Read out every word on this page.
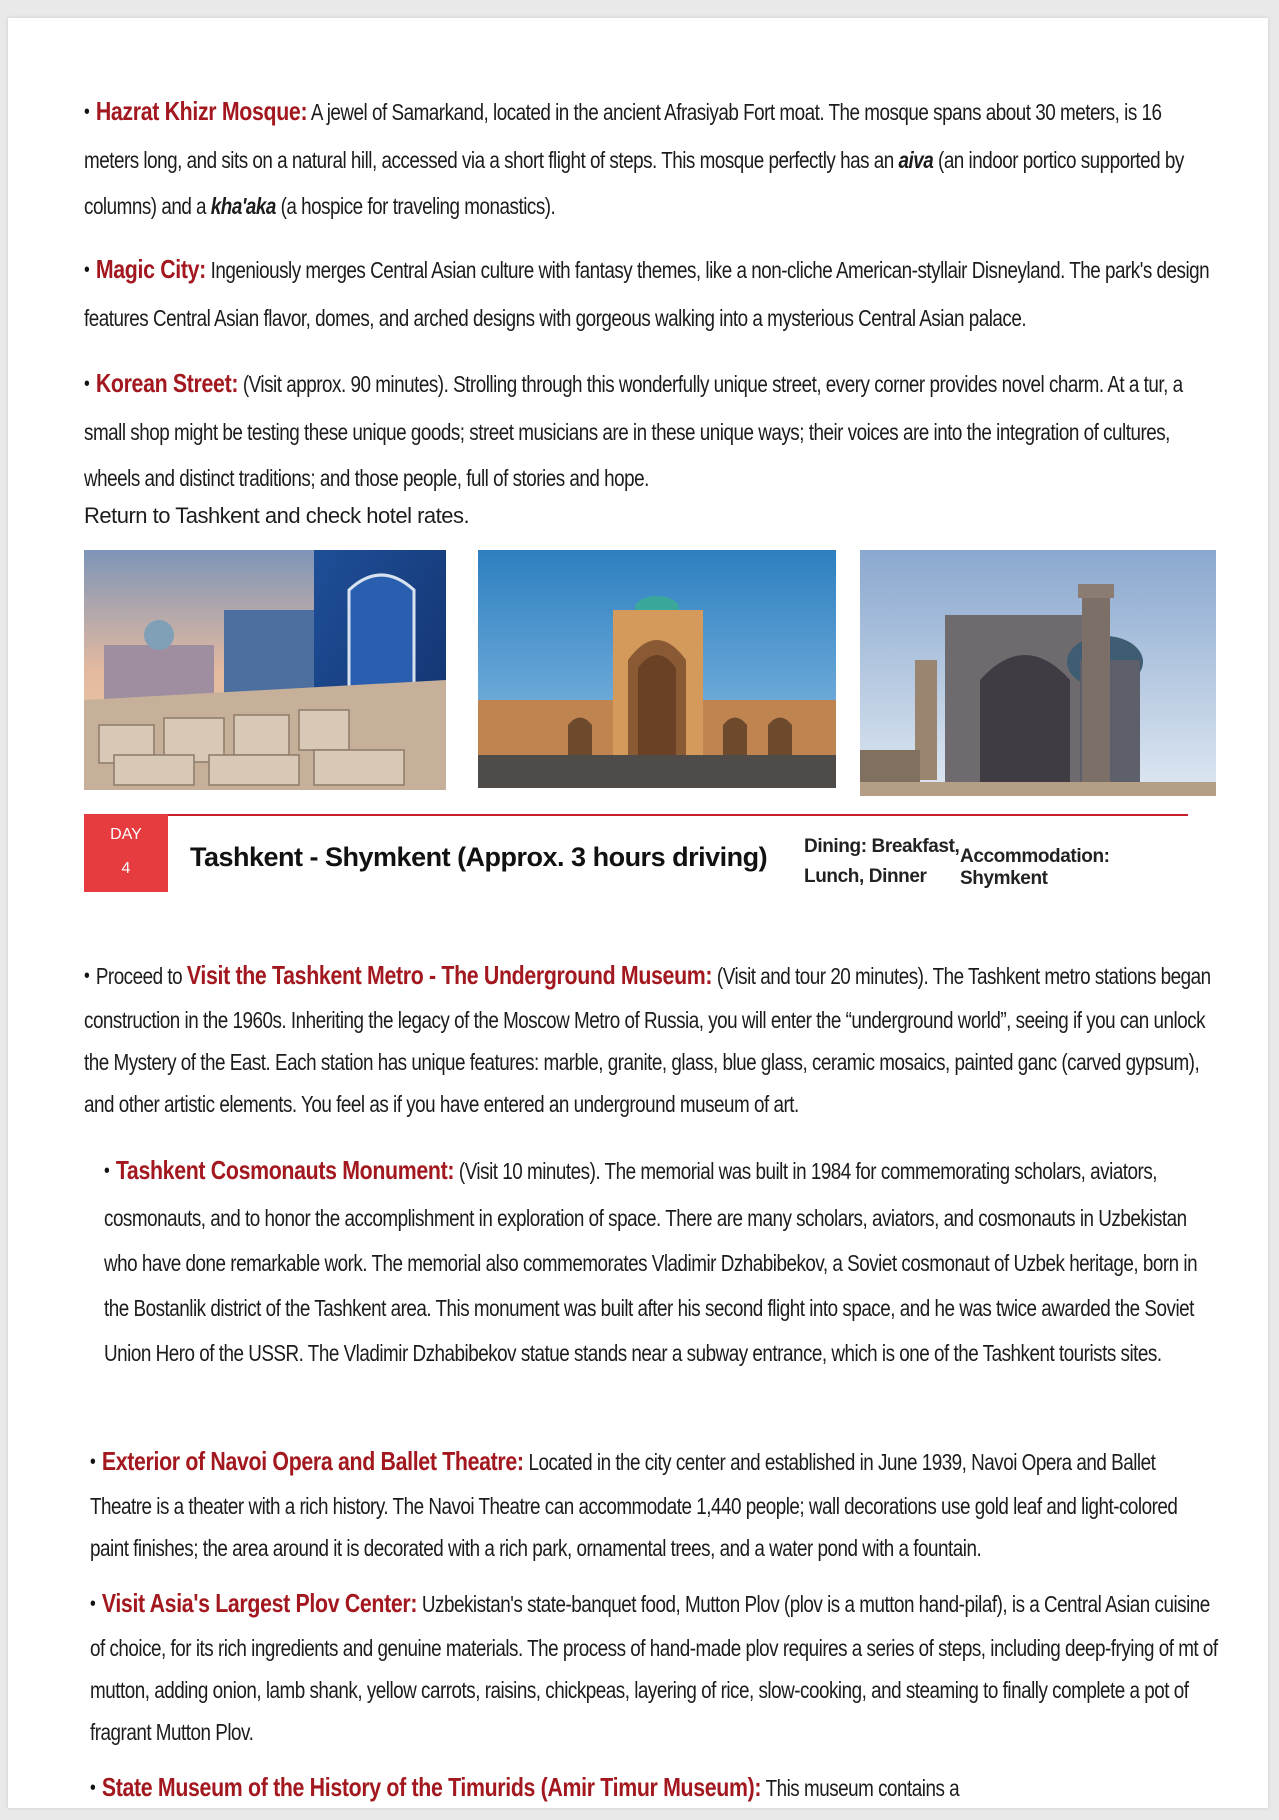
• Hazrat Khizr Mosque: A jewel of Samarkand, located in the ancient Afrasiyab Fort moat. The mosque spans about 30 meters, is 16 meters long, and sits on a natural hill, accessed via a short flight of steps. This mosque perfectly has an aiva (an indoor portico supported by columns) and a kha'aka (a hospice for traveling monastics).
• Magic City: Ingeniously merges Central Asian culture with fantasy themes, like a non-cliche American-styllair Disneyland. The park's design features Central Asian flavor, domes, and arched designs with gorgeous walking into a mysterious Central Asian palace.
• Korean Street: (Visit approx. 90 minutes). Strolling through this wonderfully unique street, every corner provides novel charm. At a tur, a small shop might be testing these unique goods; street musicians are in these unique ways; their voices are into the integration of cultures, wheels and distinct traditions; and those people, full of stories and hope.
Return to Tashkent and check hotel rates.
DAY
4	Tashkent - Shymkent (Approx. 3 hours driving) Dining: Breakfast,
Lunch, Dinner
Accommodation: Shymkent
• Proceed to Visit the Tashkent Metro - The Underground Museum: (Visit and tour 20 minutes). The Tashkent metro stations began construction in the 1960s. Inheriting the legacy of the Moscow Metro of Russia, you will enter the “underground world”, seeing if you can unlock the Mystery of the East. Each station has unique features: marble, granite, glass, blue glass, ceramic mosaics, painted ganc (carved gypsum), and other artistic elements. You feel as if you have entered an underground museum of art.
• Tashkent Cosmonauts Monument: (Visit 10 minutes). The memorial was built in 1984 for commemorating scholars, aviators, cosmonauts, and to honor the accomplishment in exploration of space. There are many scholars, aviators, and cosmonauts in Uzbekistan who have done remarkable work. The memorial also commemorates Vladimir Dzhabibekov, a Soviet cosmonaut of Uzbek heritage, born in the Bostanlik district of the Tashkent area. This monument was built after his second flight into space, and he was twice awarded the Soviet Union Hero of the USSR. The Vladimir Dzhabibekov statue stands near a subway entrance, which is one of the Tashkent tourists sites.
• Exterior of Navoi Opera and Ballet Theatre: Located in the city center and established in June 1939, Navoi Opera and Ballet Theatre is a theater with a rich history. The Navoi Theatre can accommodate 1,440 people; wall decorations use gold leaf and light-colored paint finishes; the area around it is decorated with a rich park, ornamental trees, and a water pond with a fountain.
• Visit Asia's Largest Plov Center: Uzbekistan's state-banquet food, Mutton Plov (plov is a mutton hand-pilaf), is a Central Asian cuisine of choice, for its rich ingredients and genuine materials. The process of hand-made plov requires a series of steps, including deep-frying of mt of mutton, adding onion, lamb shank, yellow carrots, raisins, chickpeas, layering of rice, slow-cooking, and steaming to finally complete a pot of fragrant Mutton Plov.
• State Museum of the History of the Timurids (Amir Timur Museum): This museum contains a
